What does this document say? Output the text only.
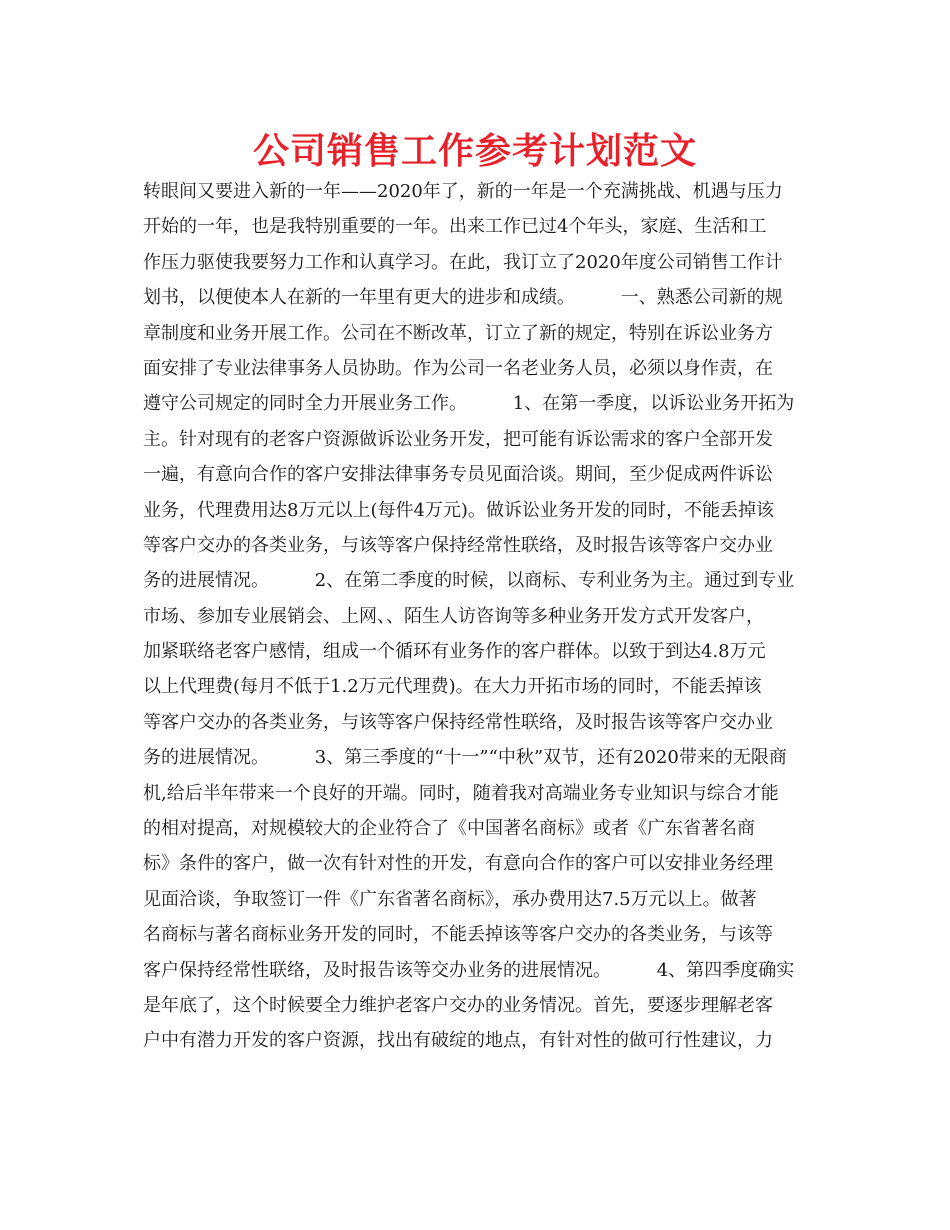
公司销售工作参考计划范文
转眼间又要进入新的一年——2020年了，新的一年是一个充满挑战、机遇与压力
开始的一年，也是我特别重要的一年。出来工作已过4个年头，家庭、生活和工
作压力驱使我要努力工作和认真学习。在此，我订立了2020年度公司销售工作计
划书，以便使本人在新的一年里有更大的进步和成绩。        一、熟悉公司新的规
章制度和业务开展工作。公司在不断改革，订立了新的规定，特别在诉讼业务方
面安排了专业法律事务人员协助。作为公司一名老业务人员，必须以身作责，在
遵守公司规定的同时全力开展业务工作。        1、在第一季度，以诉讼业务开拓为
主。针对现有的老客户资源做诉讼业务开发，把可能有诉讼需求的客户全部开发
一遍，有意向合作的客户安排法律事务专员见面洽谈。期间，至少促成两件诉讼
业务，代理费用达8万元以上(每件4万元)。做诉讼业务开发的同时，不能丢掉该
等客户交办的各类业务，与该等客户保持经常性联络，及时报告该等客户交办业
务的进展情况。        2、在第二季度的时候，以商标、专利业务为主。通过到专业
市场、参加专业展销会、上网、、陌生人访咨询等多种业务开发方式开发客户，
加紧联络老客户感情，组成一个循环有业务作的客户群体。以致于到达4.8万元
以上代理费(每月不低于1.2万元代理费)。在大力开拓市场的同时，不能丢掉该
等客户交办的各类业务，与该等客户保持经常性联络，及时报告该等客户交办业
务的进展情况。        3、第三季度的“十一”“中秋”双节，还有2020带来的无限商
机,给后半年带来一个良好的开端。同时，随着我对高端业务专业知识与综合才能
的相对提高，对规模较大的企业符合了《中国著名商标》或者《广东省著名商
标》条件的客户，做一次有针对性的开发，有意向合作的客户可以安排业务经理
见面洽谈，争取签订一件《广东省著名商标》，承办费用达7.5万元以上。做著
名商标与著名商标业务开发的同时，不能丢掉该等客户交办的各类业务，与该等
客户保持经常性联络，及时报告该等交办业务的进展情况。        4、第四季度确实
是年底了，这个时候要全力维护老客户交办的业务情况。首先，要逐步理解老客
户中有潜力开发的客户资源，找出有破绽的地点，有针对性的做可行性建议，力
